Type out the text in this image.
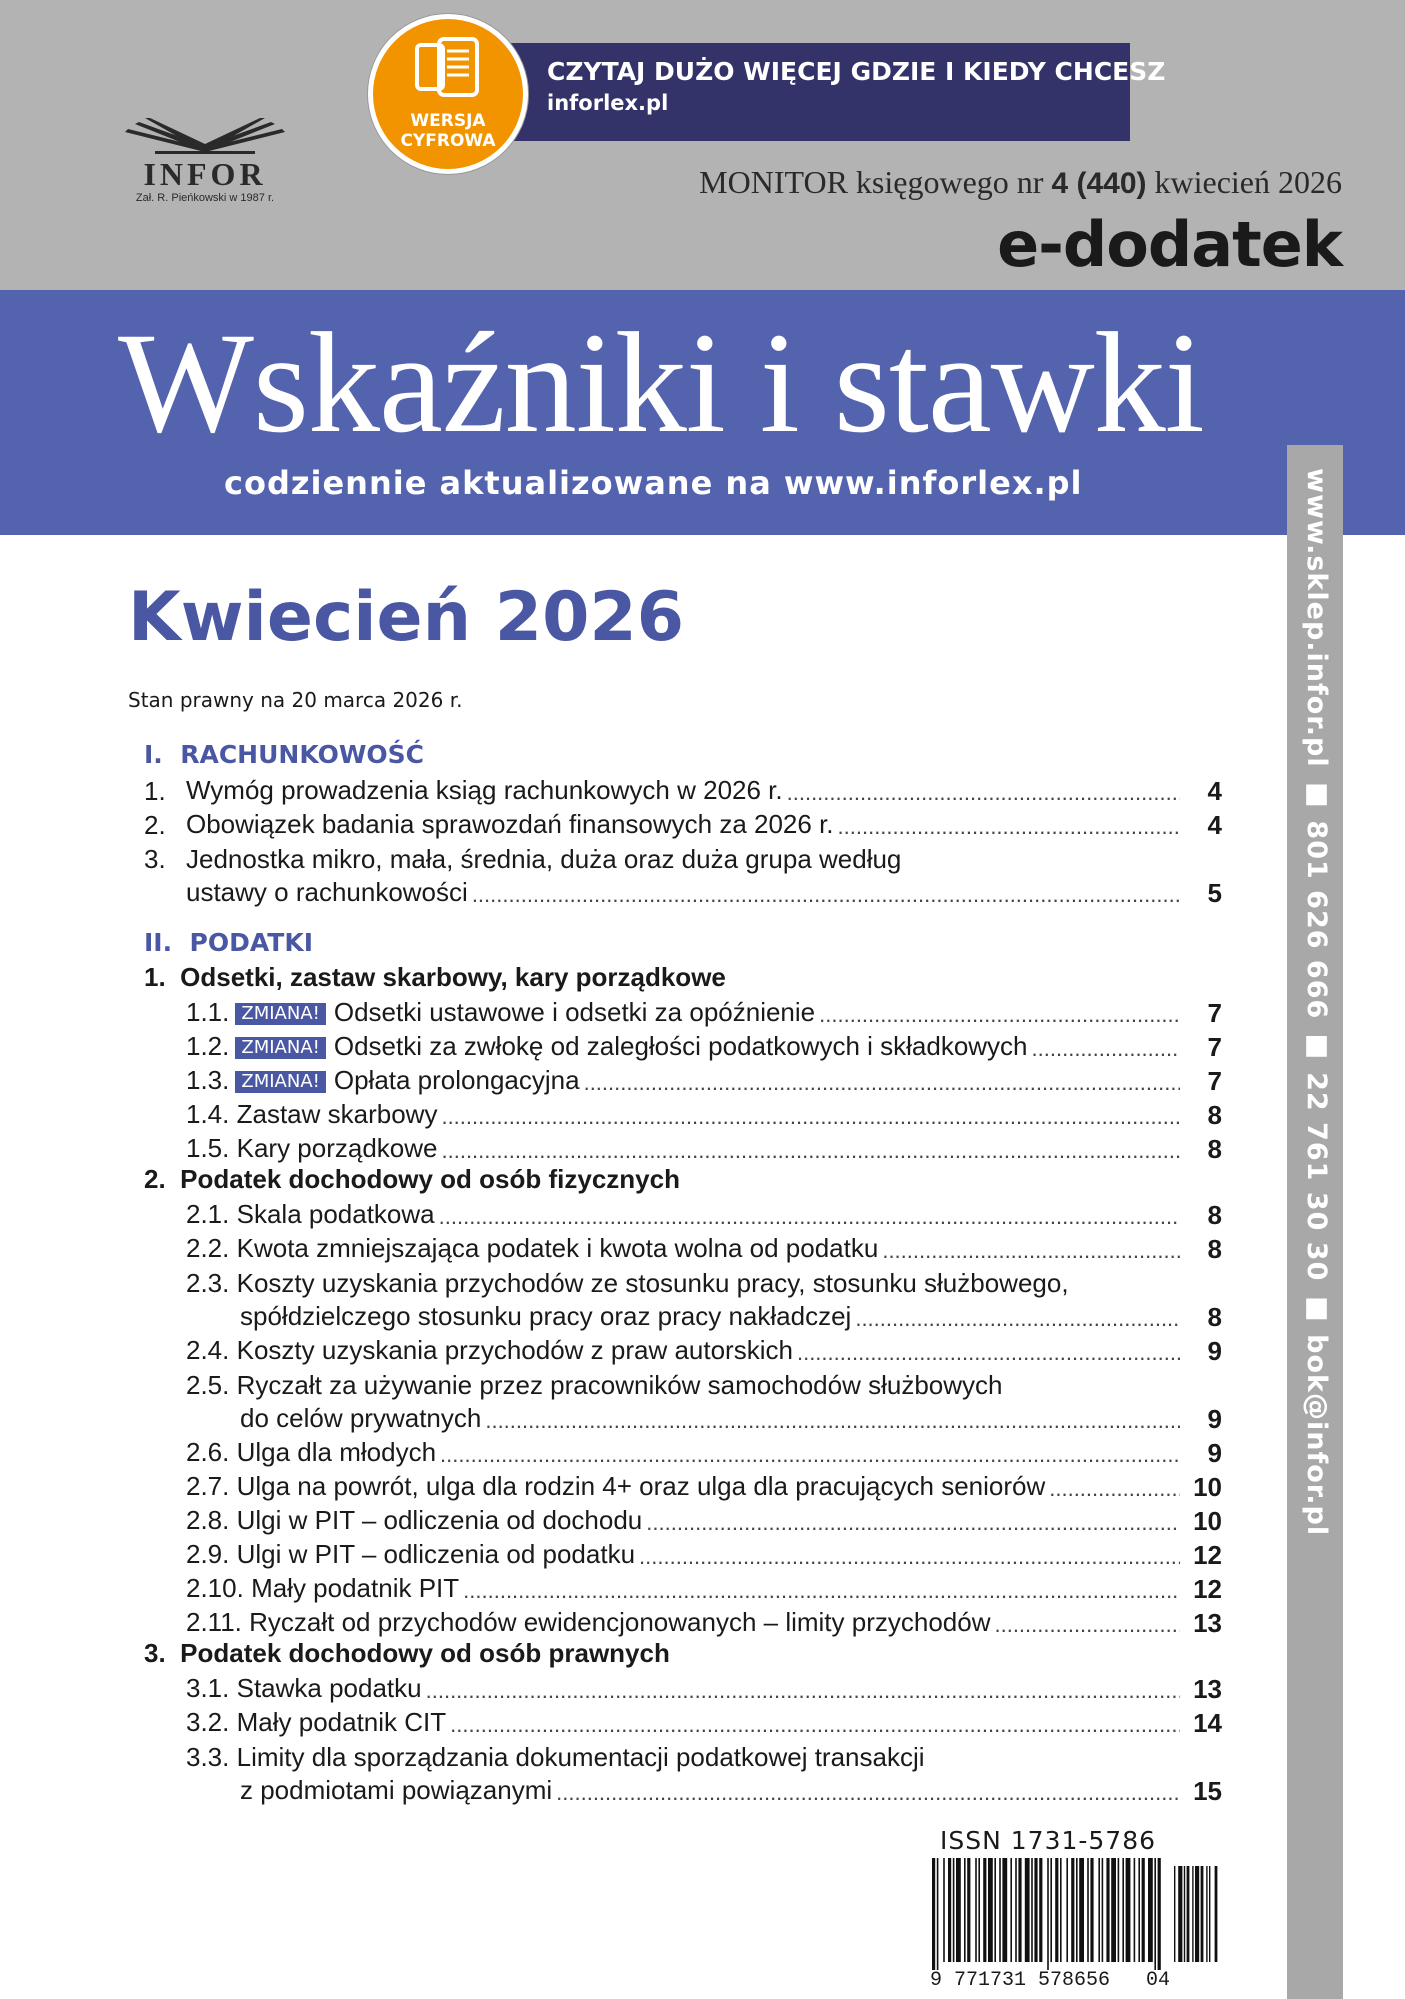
INFOR
Zał. R. Pieńkowski w 1987 r.
CZYTAJ DUŻO WIĘCEJ GDZIE I KIEDY CHCESZ
inforlex.pl
WERSJA
CYFROWA
MONITOR księgowego nr 4 (440) kwiecień 2026
e-dodatek
Wskaźniki i stawki
codziennie aktualizowane na www.inforlex.pl	www.sklep.infor.pl ■ 801 626 666 ■ 22 761 30 30 ■ bok@infor.pl
Kwiecień 2026
Stan prawny na 20 marca 2026 r.
I. RACHUNKOWOŚĆ
1. Wymóg prowadzenia ksiąg rachunkowych w 2026 r. .....	4
2. Obowiązek badania sprawozdań finansowych za 2026 r. .....	4
3. Jednostka mikro, mała, średnia, duża oraz duża grupa według
ustawy o rachunkowości .....	5
II. PODATKI
1. Odsetki, zastaw skarbowy, kary porządkowe
1.1. ZMIANA! Odsetki ustawowe i odsetki za opóźnienie .....	7
1.2. ZMIANA! Odsetki za zwłokę od zaległości podatkowych i składkowych .....	7
1.3. ZMIANA! Opłata prolongacyjna .....	7
1.4.
Zastaw skarbowy .....	8
1.5.
Kary porządkowe .....	8
2. Podatek dochodowy od osób fizycznych
2.1.
Skala podatkowa .....	8
2.2.
Kwota zmniejszająca podatek i kwota wolna od podatku .....	8
2.3. Koszty uzyskania przychodów ze stosunku pracy, stosunku służbowego,
spółdzielczego stosunku pracy oraz pracy nakładczej .....	8
2.4.
Koszty uzyskania przychodów z praw autorskich .....	9
2.5. Ryczałt za używanie przez pracowników samochodów służbowych
do celów prywatnych .....	9
2.6.
Ulga dla młodych .....	9
2.7.
Ulga na powrót, ulga dla rodzin 4+ oraz ulga dla pracujących seniorów .....	10
2.8.
Ulgi w PIT – odliczenia od dochodu .....	10
2.9.
Ulgi w PIT – odliczenia od podatku .....	12
2.10.
Mały podatnik PIT .....	12
2.11.
Ryczałt od przychodów ewidencjonowanych – limity przychodów .....	13
3. Podatek dochodowy od osób prawnych
3.1.
Stawka podatku .....	13
3.2.
Mały podatnik CIT .....	14
3.3. Limity dla sporządzania dokumentacji podatkowej transakcji
z podmiotami powiązanymi .....	15
ISSN 1731-5786
9 771731 578656   04
